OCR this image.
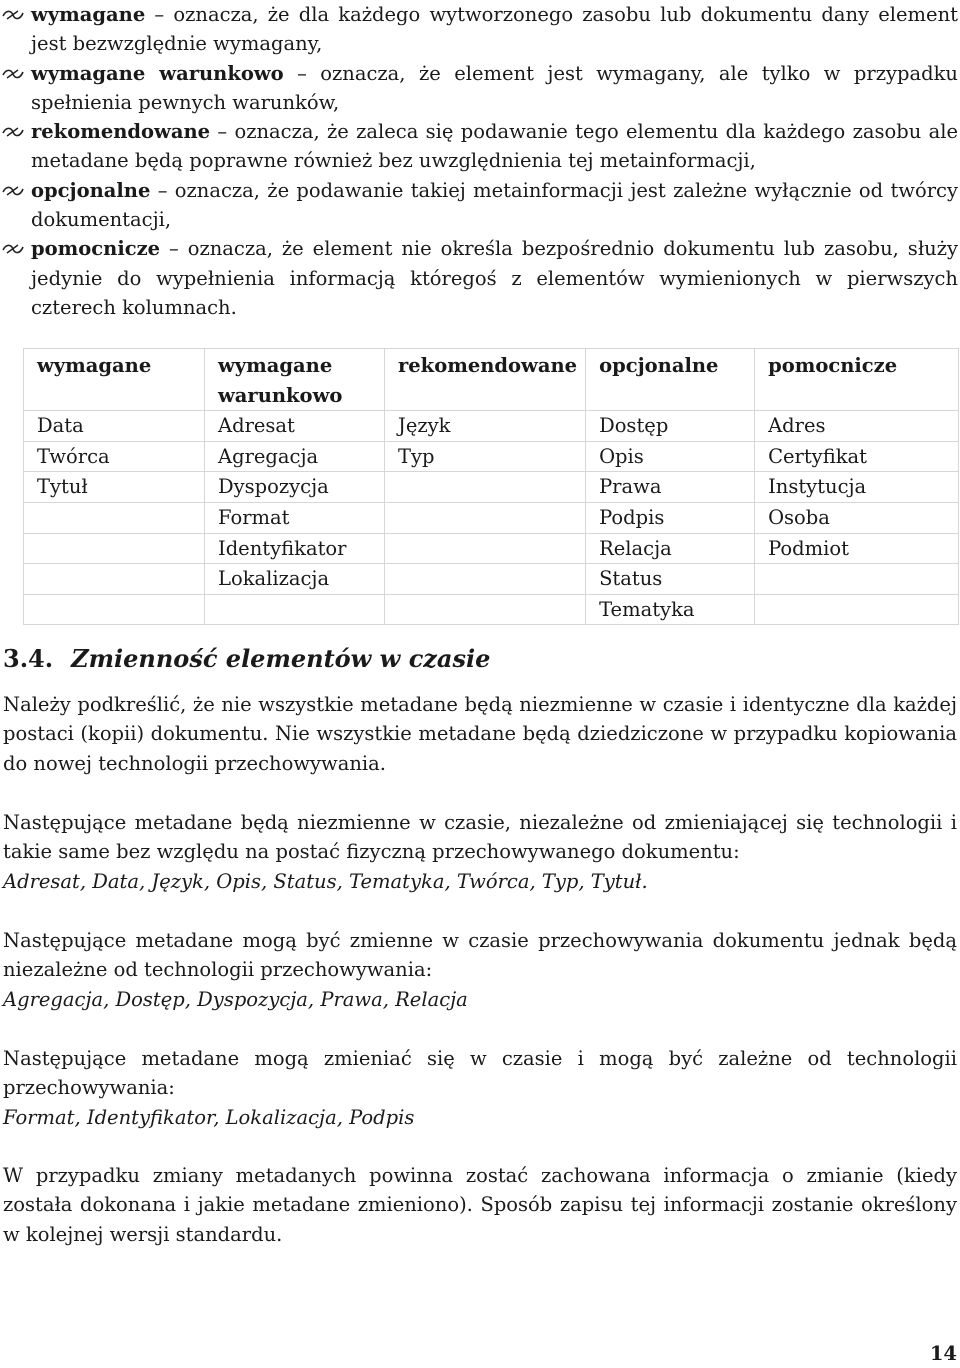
wymagane – oznacza, że dla każdego wytworzonego zasobu lub dokumentu dany element jest bezwzględnie wymagany,
wymagane warunkowo – oznacza, że element jest wymagany, ale tylko w przypadku spełnienia pewnych warunków,
rekomendowane – oznacza, że zaleca się podawanie tego elementu dla każdego zasobu ale metadane będą poprawne również bez uwzględnienia tej metainformacji,
opcjonalne – oznacza, że podawanie takiej metainformacji jest zależne wyłącznie od twórcy dokumentacji,
pomocnicze – oznacza, że element nie określa bezpośrednio dokumentu lub zasobu, służy jedynie do wypełnienia informacją któregoś z elementów wymienionych w pierwszych czterech kolumnach.
wymagane	wymagane warunkowo	rekomendowane	opcjonalne	pomocnicze
Data	Adresat	Język	Dostęp	Adres
Twórca	Agregacja	Typ	Opis	Certyfikat
Tytuł	Dyspozycja		Prawa	Instytucja
	Format		Podpis	Osoba
	Identyfikator		Relacja	Podmiot
	Lokalizacja		Status	
			Tematyka	
3.4. Zmienność elementów w czasie

Należy podkreślić, że nie wszystkie metadane będą niezmienne w czasie i identyczne dla każdej postaci (kopii) dokumentu. Nie wszystkie metadane będą dziedziczone w przypadku kopiowania do nowej technologii przechowywania.

Następujące metadane będą niezmienne w czasie, niezależne od zmieniającej się technologii i takie same bez względu na postać fizyczną przechowywanego dokumentu:
Adresat, Data, Język, Opis, Status, Tematyka, Twórca, Typ, Tytuł.

Następujące metadane mogą być zmienne w czasie przechowywania dokumentu jednak będą niezależne od technologii przechowywania:
Agregacja, Dostęp, Dyspozycja, Prawa, Relacja

Następujące metadane mogą zmieniać się w czasie i mogą być zależne od technologii przechowywania:
Format, Identyfikator, Lokalizacja, Podpis

W przypadku zmiany metadanych powinna zostać zachowana informacja o zmianie (kiedy została dokonana i jakie metadane zmieniono). Sposób zapisu tej informacji zostanie określony w kolejnej wersji standardu.

14
